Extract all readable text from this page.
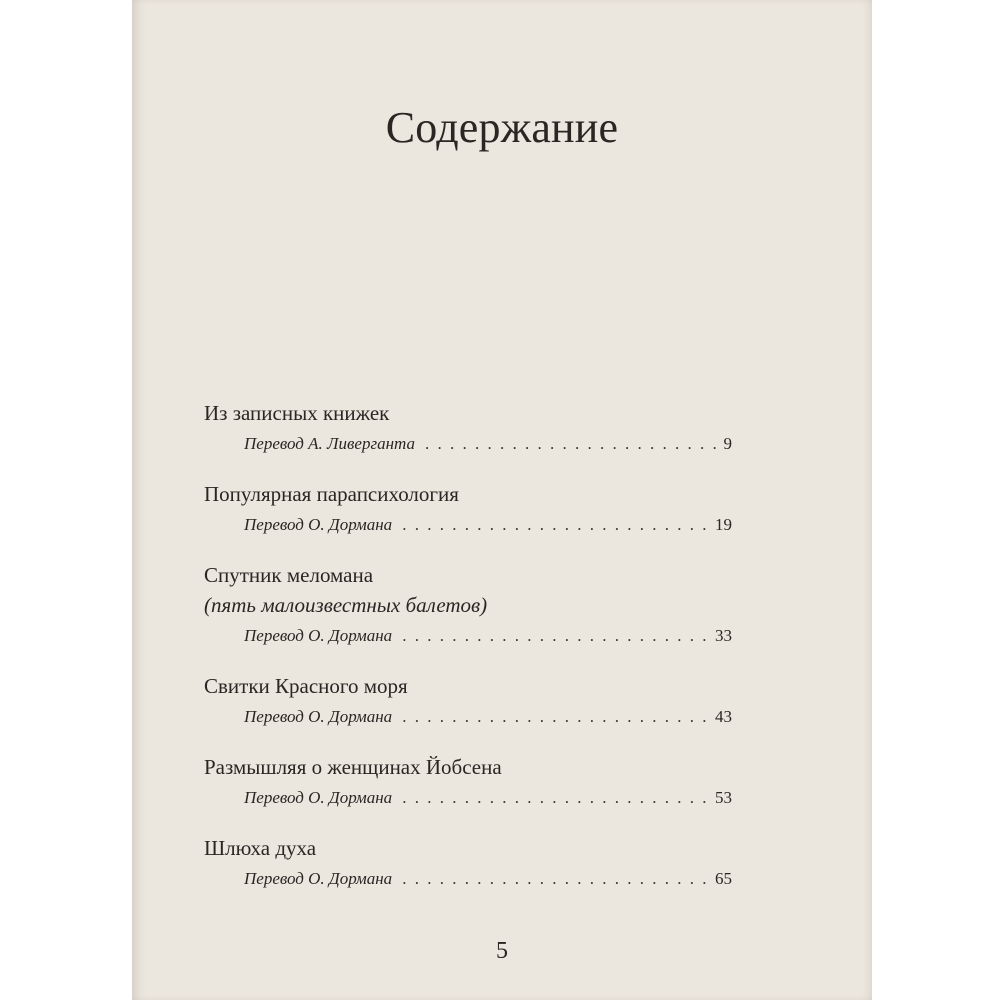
Содержание
Из записных книжек
Перевод А. Ливерганта . . .	9
Популярная парапсихология
Перевод О. Дормана . . .	19
Спутник меломана
(пять малоизвестных балетов)
Перевод О. Дормана . . .	33
Свитки Красного моря
Перевод О. Дормана . . .	43
Размышляя о женщинах Йобсена
Перевод О. Дормана . . .	53
Шлюха духа
Перевод О. Дормана . . .	65
5
